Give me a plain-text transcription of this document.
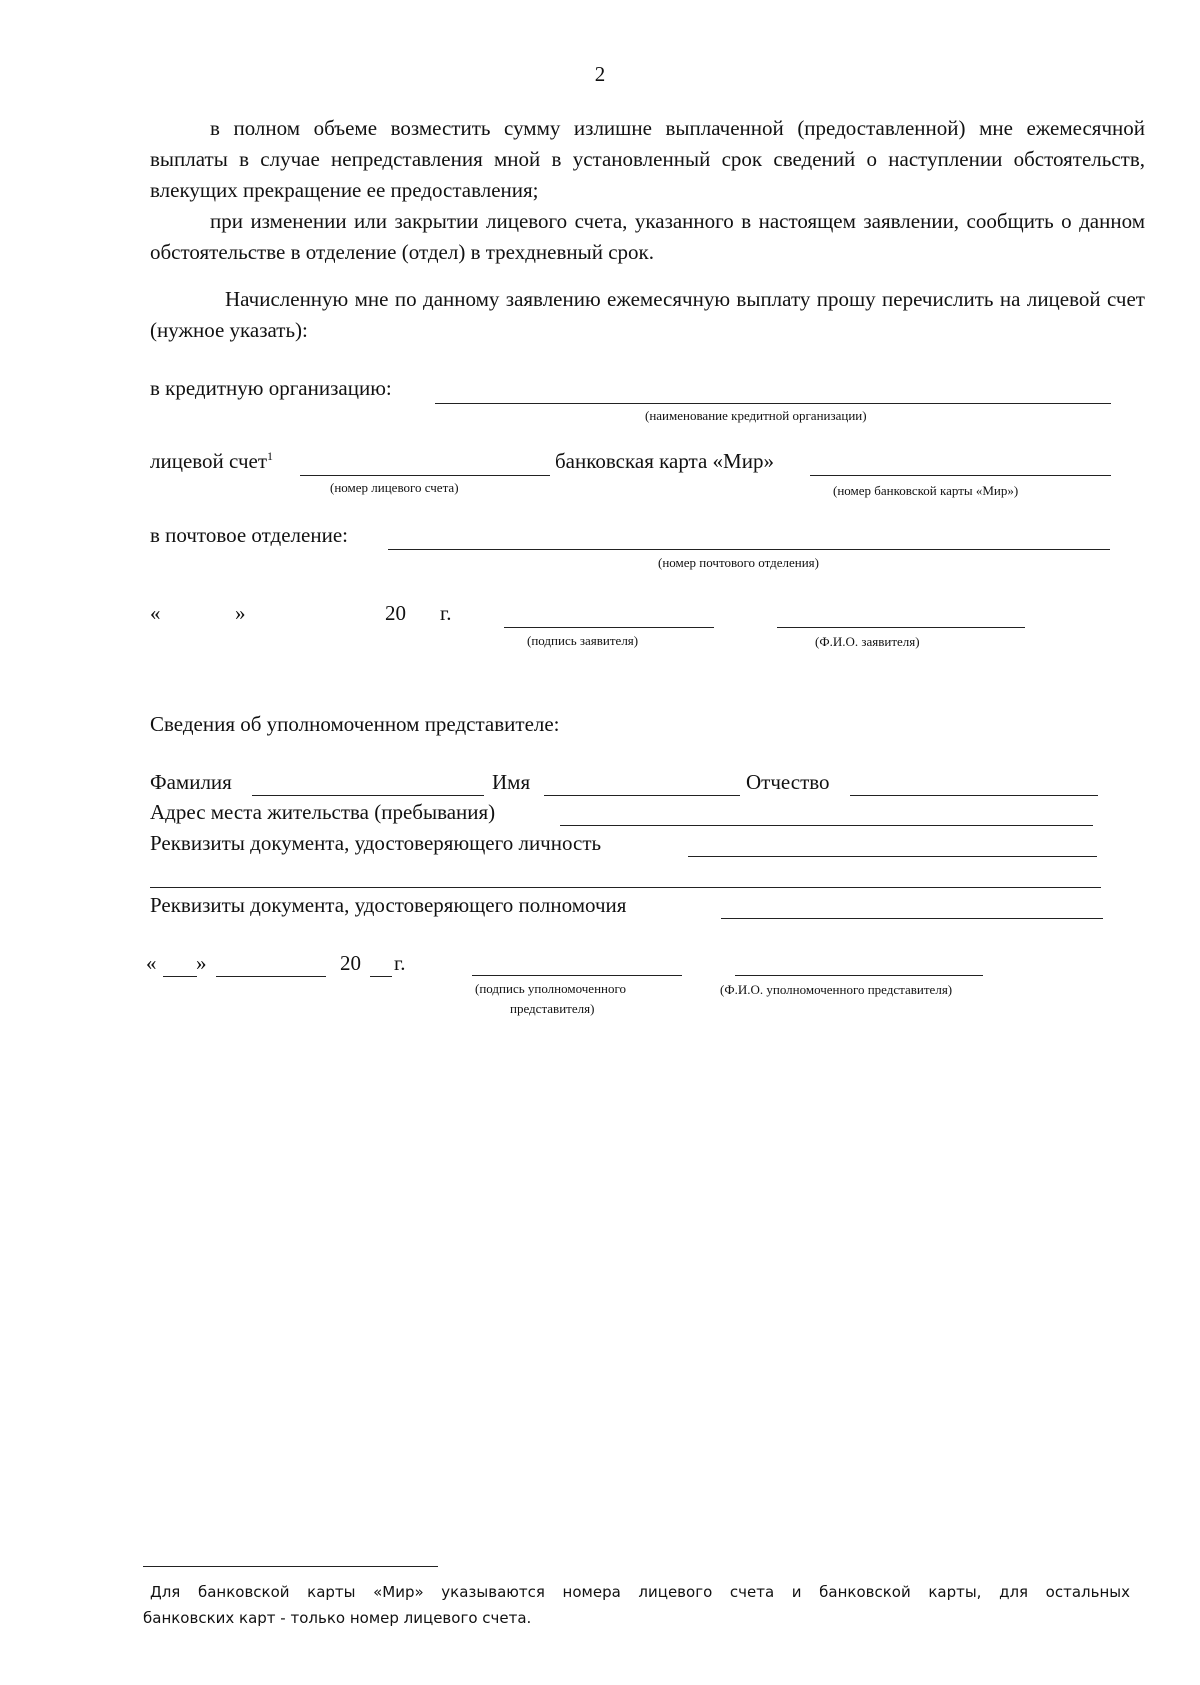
2

в полном объеме возместить сумму излишне выплаченной (предоставленной) мне ежемесячной выплаты в случае непредставления мной в установленный срок сведений о наступлении обстоятельств, влекущих прекращение ее предоставления;

при изменении или закрытии лицевого счета, указанного в настоящем заявлении, сообщить о данном обстоятельстве в отделение (отдел) в трехдневный срок.

Начисленную мне по данному заявлению ежемесячную выплату прошу перечислить на лицевой счет (нужное указать):

в кредитную организацию:
(наименование кредитной организации)
лицевой счет$^1$
(номер лицевого счета)
банковская карта «Мир»
(номер банковской карты «Мир»)
в почтовое отделение:
(номер почтового отделения)
«	»	20 г.
(подпись заявителя)	(Ф.И.О. заявителя)
Сведения об уполномоченном представителе:
Фамилия	Имя	Отчество
Адрес места жительства (пребывания)
Реквизиты документа, удостоверяющего личность
Реквизиты документа, удостоверяющего полномочия
« »	20 г.
(подпись уполномоченного
представителя)
(Ф.И.О. уполномоченного представителя)
Для банковской карты «Мир» указываются номера лицевого счета и банковской карты, для остальных
банковских карт - только номер лицевого счета.
